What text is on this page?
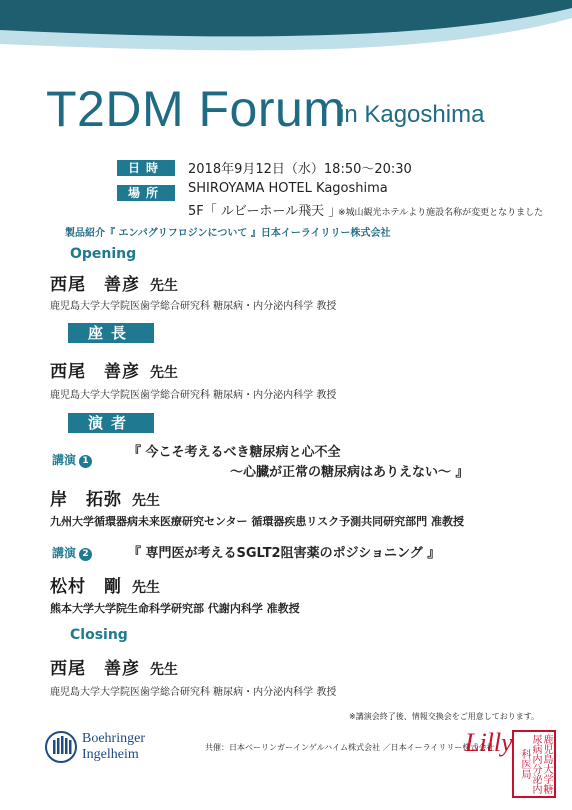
T2DM Forum
in Kagoshima
日時	2018年9月12日（水）18:50～20:30
場所	SHIROYAMA HOTEL Kagoshima
5F「 ルビーホール飛天 」
※城山観光ホテルより施設名称が変更となりました
製品紹介『 エンパグリフロジンについて 』日本イーライリリー株式会社
Opening
西尾　善彦 先生
鹿児島大学大学院医歯学総合研究科 糖尿病・内分泌内科学 教授
座長
西尾　善彦 先生
鹿児島大学大学院医歯学総合研究科 糖尿病・内分泌内科学 教授
演者
講演 1
『 今こそ考えるべき糖尿病と心不全
～心臓が正常の糖尿病はありえない～ 』
岸　拓弥 先生
九州大学循環器病未来医療研究センター 循環器疾患リスク予測共同研究部門 准教授
講演 2	『 専門医が考えるSGLT2阻害薬のポジショニング 』
松村　剛 先生
熊本大学大学院生命科学研究部 代謝内科学 准教授
Closing
西尾　善彦 先生
鹿児島大学大学院医歯学総合研究科 糖尿病・内分泌内科学 教授
※講演会終了後、情報交換会をご用意しております。
Boehringer
Ingelheim	共催：日本ベーリンガーインゲルハイム株式会社 ／日本イーライリリー株式会社
Lilly	鹿児島大学糖尿病内分泌内科医局
